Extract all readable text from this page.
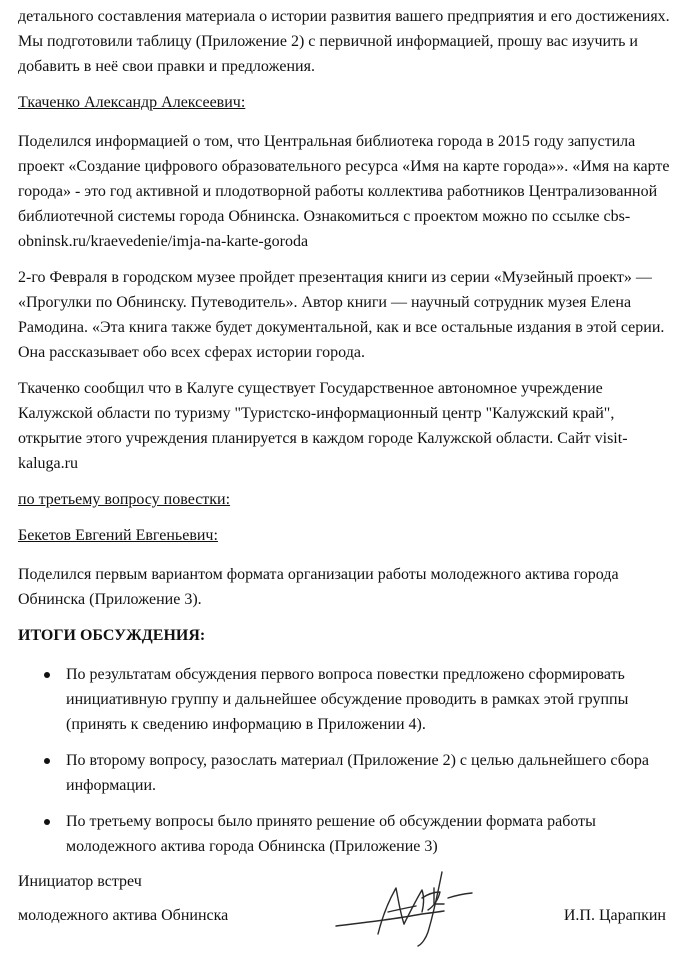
детального составления материала о истории развития вашего предприятия и его достижениях. Мы подготовили таблицу (Приложение 2) с первичной информацией, прошу вас изучить и добавить в неё свои правки и предложения.

Ткаченко Александр Алексеевич:

Поделился информацией о том, что Центральная библиотека города в 2015 году запустила проект «Создание цифрового образовательного ресурса «Имя на карте города»». «Имя на карте города» - это год активной и плодотворной работы коллектива работников Централизованной библиотечной системы города Обнинска. Ознакомиться с проектом можно по ссылке cbs-obninsk.ru/kraevedenie/imja-na-karte-goroda

2-го Февраля в городском музее пройдет презентация книги из серии «Музейный проект» — «Прогулки по Обнинску. Путеводитель». Автор книги — научный сотрудник музея Елена Рамодина. «Эта книга также будет документальной, как и все остальные издания в этой серии. Она рассказывает обо всех сферах истории города.

Ткаченко сообщил что в Калуге существует Государственное автономное учреждение Калужской области по туризму "Туристско-информационный центр "Калужский край", открытие этого учреждения планируется в каждом городе Калужской области. Сайт visit-kaluga.ru

по третьему вопросу повестки:

Бекетов Евгений Евгеньевич:

Поделился первым вариантом формата организации работы молодежного актива города Обнинска (Приложение 3).

ИТОГИ ОБСУЖДЕНИЯ:
По результатам обсуждения первого вопроса повестки предложено сформировать инициативную группу и дальнейшее обсуждение проводить в рамках этой группы (принять к сведению информацию в Приложении 4).
По второму вопросу, разослать материал (Приложение 2) с целью дальнейшего сбора информации.
По третьему вопросы было принято решение об обсуждении формата работы молодежного актива города Обнинска (Приложение 3)
Инициатор встреч
молодежного актива Обнинска	И.П. Царапкин
